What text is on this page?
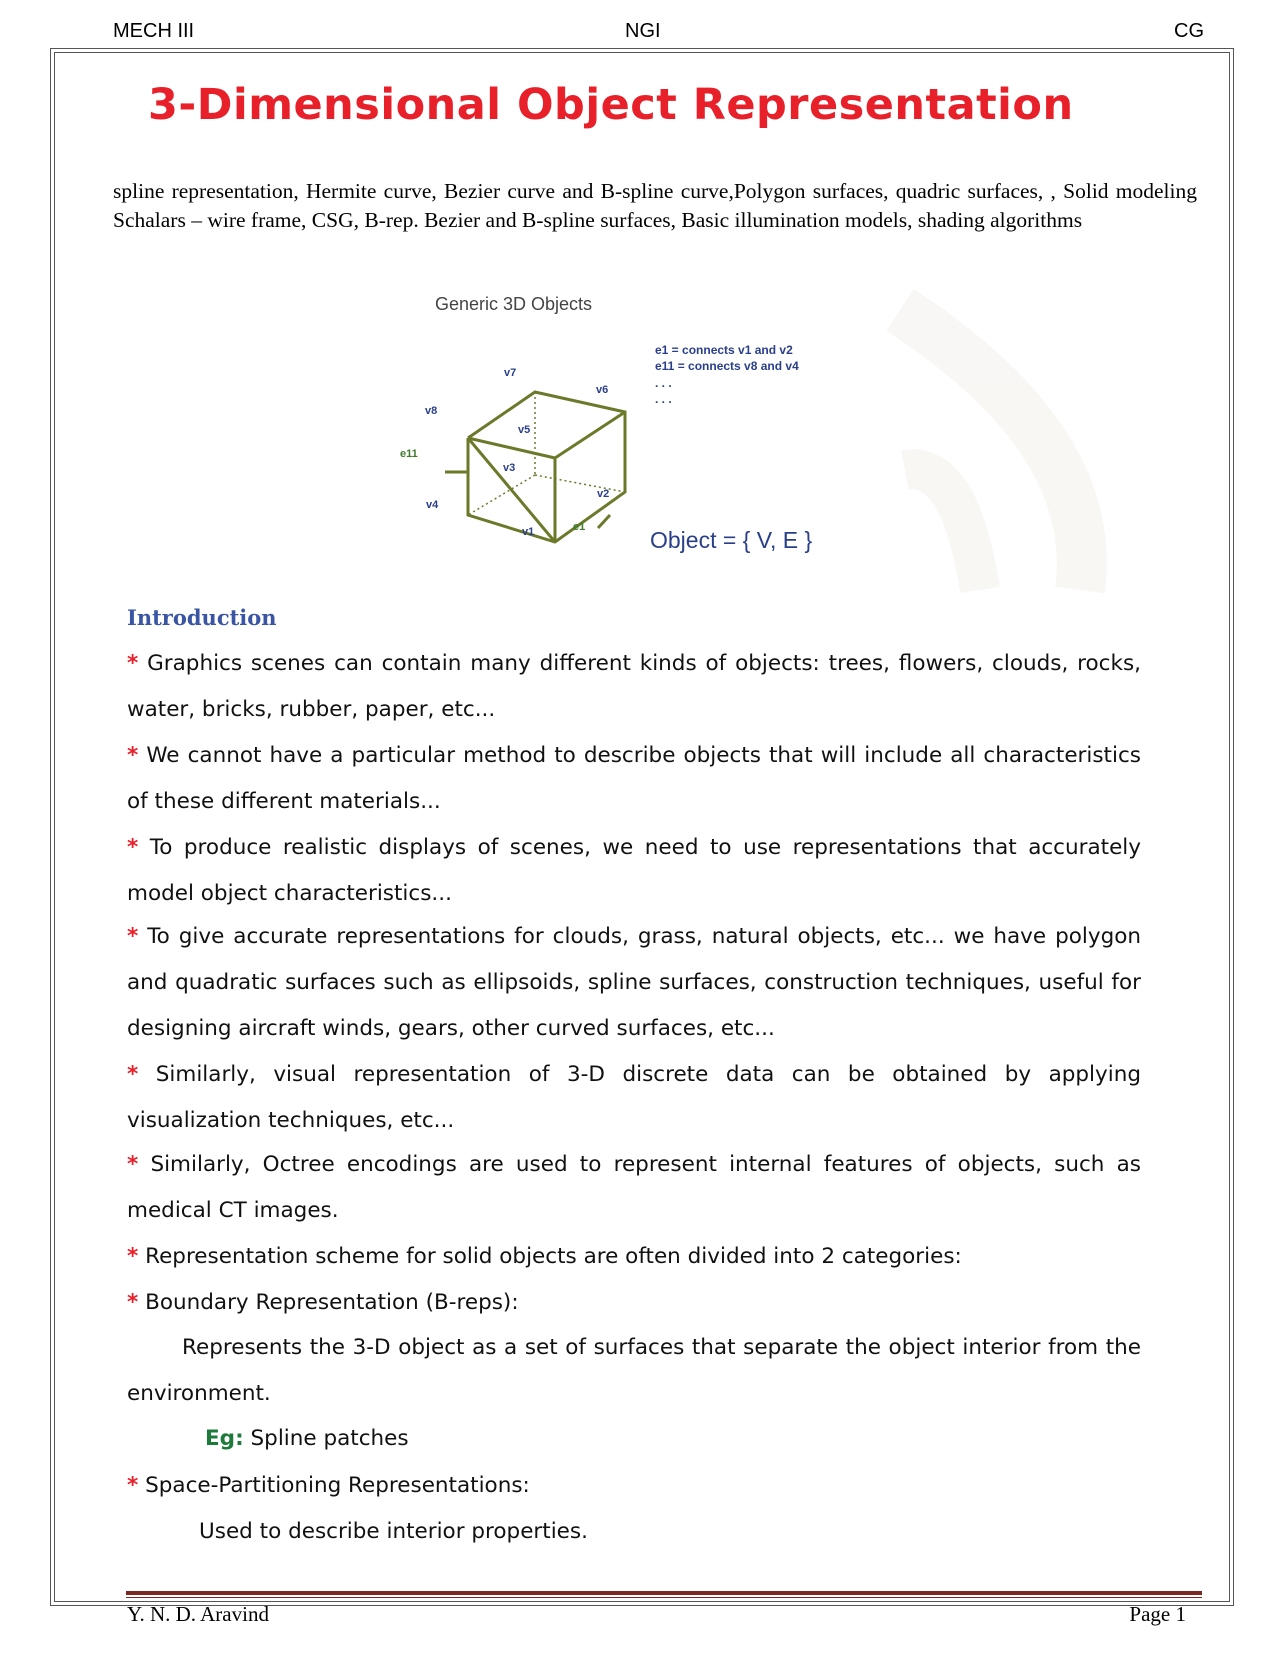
MECH III	NGI	CG
3-Dimensional Object Representation
spline representation, Hermite curve, Bezier curve and B-spline curve,Polygon surfaces, quadric surfaces, , Solid modeling Schalars – wire frame, CSG, B-rep. Bezier and B-spline surfaces, Basic illumination models, shading algorithms
Generic 3D Objects
v7
v6
v8
v5
v3
v2
v4
v1
e11
e1
e1 = connects v1 and v2
e11 = connects v8 and v4
. . .
. . .
Object = { V, E }
Introduction
* Graphics scenes can contain many different kinds of objects: trees, flowers, clouds, rocks, water, bricks, rubber, paper, etc...
* We cannot have a particular method to describe objects that will include all characteristics of these different materials...
* To produce realistic displays of scenes, we need to use representations that accurately model object characteristics...
* To give accurate representations for clouds, grass, natural objects, etc... we have polygon and quadratic surfaces such as ellipsoids, spline surfaces, construction techniques, useful for designing aircraft winds, gears, other curved surfaces, etc...
* Similarly, visual representation of 3-D discrete data can be obtained by applying visualization techniques, etc...
* Similarly, Octree encodings are used to represent internal features of objects, such as medical CT images.
* Representation scheme for solid objects are often divided into 2 categories:
* Boundary Representation (B-reps):
Represents the 3-D object as a set of surfaces that separate the object interior from the environment.
Eg: Spline patches
* Space-Partitioning Representations:
Used to describe interior properties.
Y. N. D. Aravind	Page 1
